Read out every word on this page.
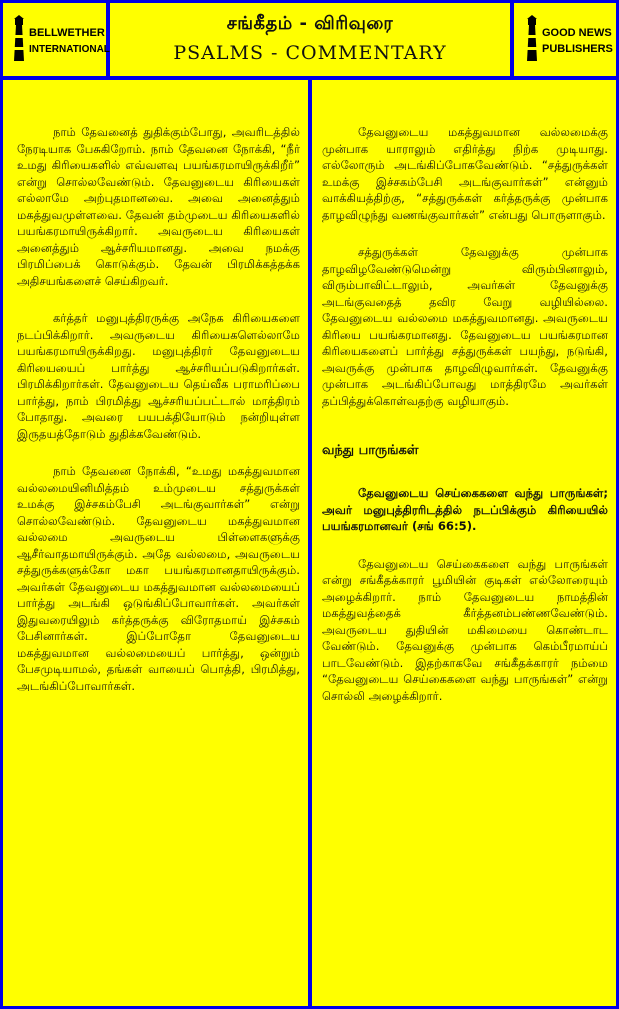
BELLWETHER
INTERNATIONAL
சங்கீதம் - விரிவுரை
PSALMS - COMMENTARY
GOOD NEWS
PUBLISHERS

நாம் தேவனைத் துதிக்கும்போது, அவரிடத்தில் நேரடியாக பேசுகிறோம். நாம் தேவனை நோக்கி, “நீர் உமது கிரியைகளில் எவ்வளவு பயங்கரமாயிருக்கிறீர்” என்று சொல்லவேண்டும். தேவனுடைய கிரியைகள் எல்லாமே அற்புதமானவை. அவை அனைத்தும் மகத்துவமுள்ளவை. தேவன் தம்முடைய கிரியைகளில் பயங்கரமாயிருக்கிறார். அவருடைய கிரியைகள் அனைத்தும் ஆச்சரியமானது. அவை நமக்கு பிரமிப்பைக் கொடுக்கும். தேவன் பிரமிக்கத்தக்க அதிசயங்களைச் செய்கிறவர்.

கர்த்தர் மனுபுத்திரருக்கு அநேக கிரியைகளை நடப்பிக்கிறார். அவருடைய கிரியைகளெல்லாமே பயங்கரமாயிருக்கிறது. மனுபுத்திரர் தேவனுடைய கிரியையைப் பார்த்து ஆச்சரியப்படுகிறார்கள். பிரமிக்கிறார்கள். தேவனுடைய தெய்வீக பராமரிப்பை பார்த்து, நாம் பிரமித்து ஆச்சரியப்பட்டால் மாத்திரம் போதாது. அவரை பயபக்தியோடும் நன்றியுள்ள இருதயத்தோடும் துதிக்கவேண்டும்.

நாம் தேவனை நோக்கி, “உமது மகத்துவமான வல்லமையினிமித்தம் உம்முடைய சத்துருக்கள் உமக்கு இச்சகம்பேசி அடங்குவார்கள்” என்று சொல்லவேண்டும். தேவனுடைய மகத்துவமான வல்லமை அவருடைய பிள்ளைகளுக்கு ஆசீர்வாதமாயிருக்கும். அதே வல்லமை, அவருடைய சத்துருக்களுக்கோ மகா பயங்கரமானதாயிருக்கும். அவர்கள் தேவனுடைய மகத்துவமான வல்லமையைப் பார்த்து அடங்கி ஒடுங்கிப்போவார்கள். அவர்கள் இதுவரையிலும் கர்த்தருக்கு விரோதமாய் இச்சகம் பேசினார்கள். இப்போதோ தேவனுடைய மகத்துவமான வல்லமையைப் பார்த்து, ஒன்றும் பேசமுடியாமல், தங்கள் வாயைப் பொத்தி, பிரமித்து, அடங்கிப்போவார்கள்.

தேவனுடைய மகத்துவமான வல்லமைக்கு முன்பாக யாராலும் எதிர்த்து நிற்க முடியாது. எல்லோரும் அடங்கிப்போகவேண்டும். “சத்துருக்கள் உமக்கு இச்சகம்பேசி அடங்குவார்கள்” என்னும் வாக்கியத்திற்கு, “சத்துருக்கள் கர்த்தருக்கு முன்பாக தாழவிழுந்து வணங்குவார்கள்” என்பது பொருளாகும்.

சத்துருக்கள் தேவனுக்கு முன்பாக தாழவிழவேண்டுமென்று விரும்பினாலும், விரும்பாவிட்டாலும், அவர்கள் தேவனுக்கு அடங்குவதைத் தவிர வேறு வழியில்லை. தேவனுடைய வல்லமை மகத்துவமானது. அவருடைய கிரியை பயங்கரமானது. தேவனுடைய பயங்கரமான கிரியைகளைப் பார்த்து சத்துருக்கள் பயந்து, நடுங்கி, அவருக்கு முன்பாக தாழவிழுவார்கள். தேவனுக்கு முன்பாக அடங்கிப்போவது மாத்திரமே அவர்கள் தப்பித்துக்கொள்வதற்கு வழியாகும்.

வந்து பாருங்கள்

தேவனுடைய செய்கைகளை வந்து பாருங்கள்; அவர் மனுபுத்திரரிடத்தில் நடப்பிக்கும் கிரியையில் பயங்கரமானவர் (சங் 66:5).

தேவனுடைய செய்கைகளை வந்து பாருங்கள் என்று சங்கீதக்காரர் பூமியின் குடிகள் எல்லோரையும் அழைக்கிறார். நாம் தேவனுடைய நாமத்தின் மகத்துவத்தைக் கீர்த்தனம்பண்ணவேண்டும். அவருடைய துதியின் மகிமையை கொண்டாட வேண்டும். தேவனுக்கு முன்பாக கெம்பீரமாய்ப் பாடவேண்டும். இதற்காகவே சங்கீதக்காரர் நம்மை “தேவனுடைய செய்கைகளை வந்து பாருங்கள்” என்று சொல்லி அழைக்கிறார்.
